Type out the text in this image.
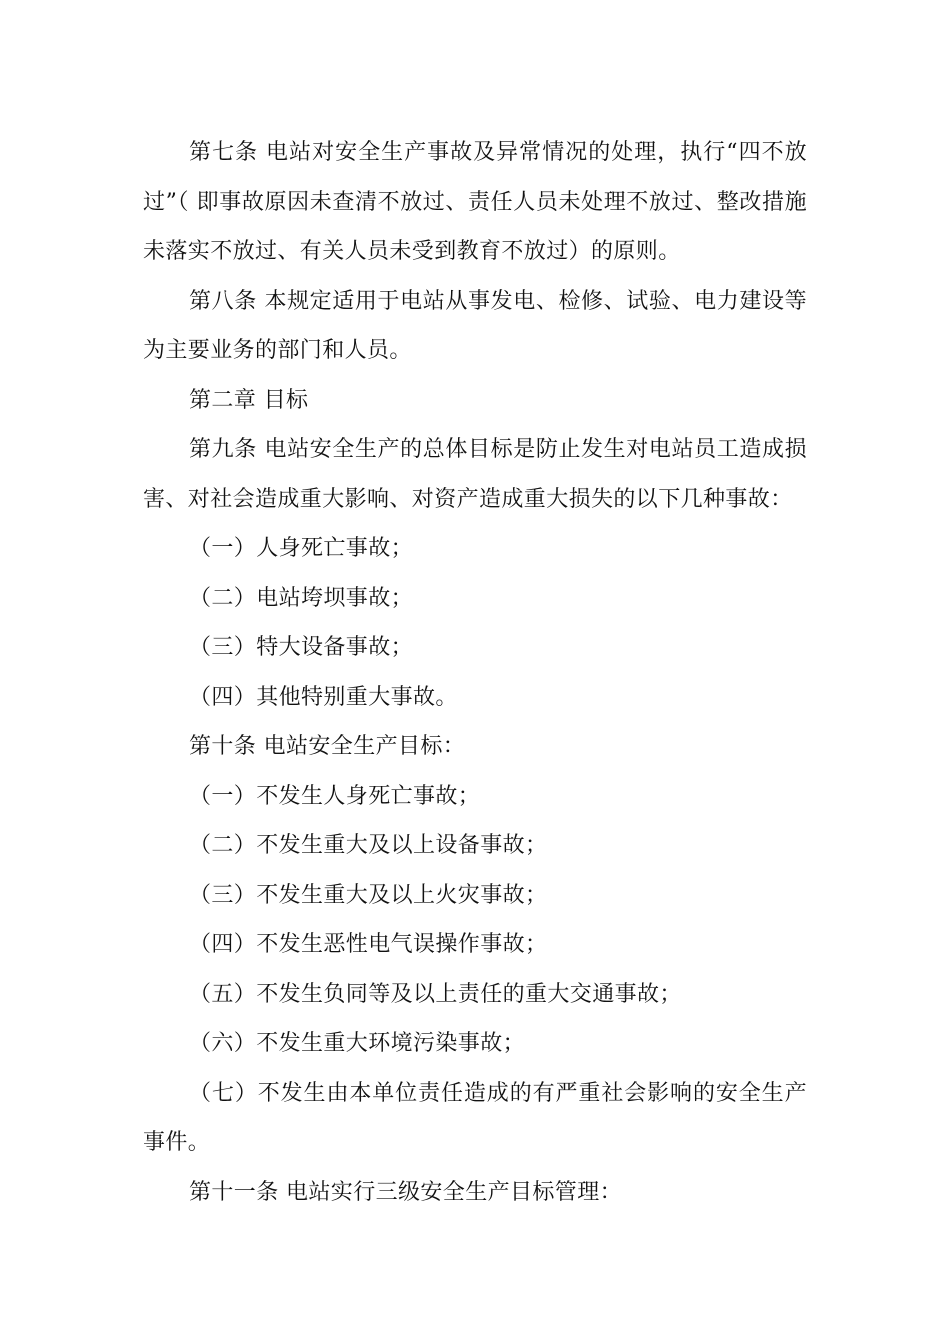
第七条 电站对安全生产事故及异常情况的处理，执行“四不放过”（ 即事故原因未查清不放过、责任人员未处理不放过、整改措施未落实不放过、有关人员未受到教育不放过）的原则。

第八条 本规定适用于电站从事发电、检修、试验、电力建设等为主要业务的部门和人员。

第二章 目标

第九条 电站安全生产的总体目标是防止发生对电站员工造成损害、对社会造成重大影响、对资产造成重大损失的以下几种事故：

（一）人身死亡事故；

（二）电站垮坝事故；

（三）特大设备事故；

（四）其他特别重大事故。

第十条 电站安全生产目标：

（一）不发生人身死亡事故；

（二）不发生重大及以上设备事故；

（三）不发生重大及以上火灾事故；

（四）不发生恶性电气误操作事故；

（五）不发生负同等及以上责任的重大交通事故；

（六）不发生重大环境污染事故；

（七）不发生由本单位责任造成的有严重社会影响的安全生产事件。

第十一条 电站实行三级安全生产目标管理：
